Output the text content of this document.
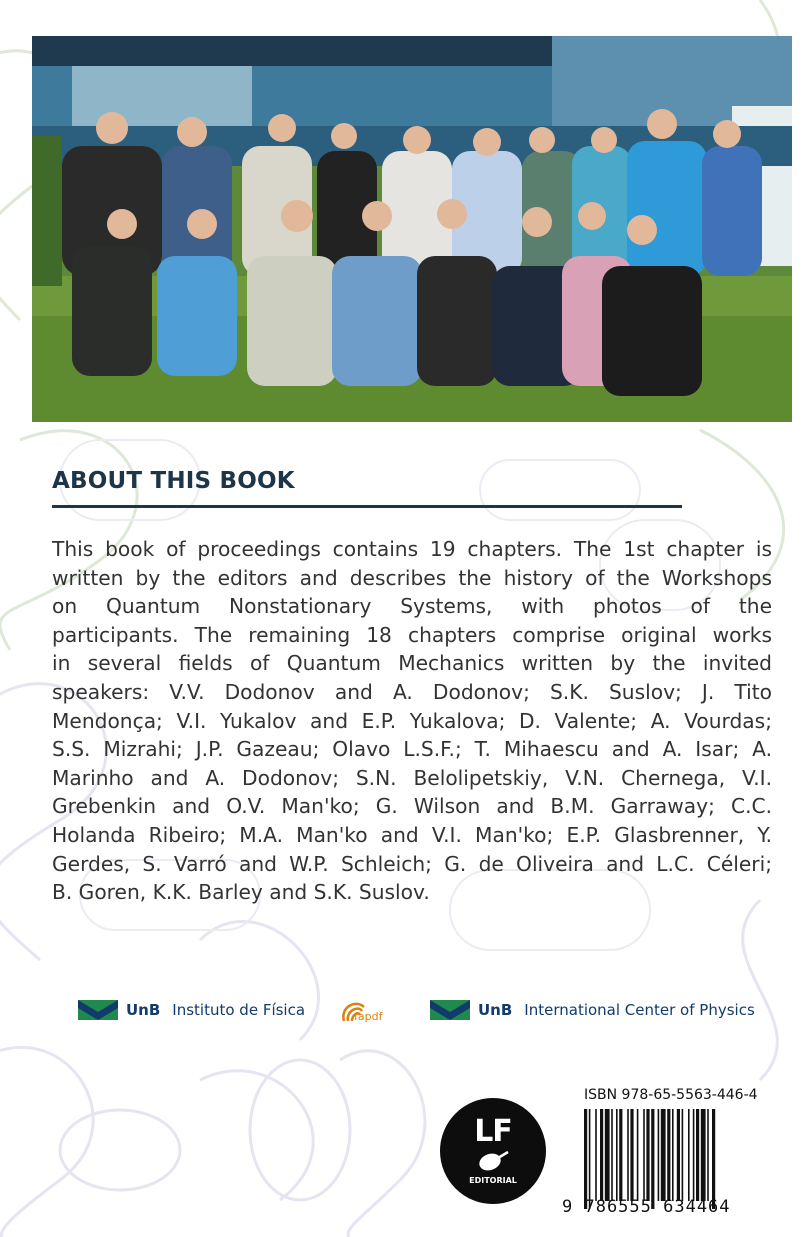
ABOUT THIS BOOK
This book of proceedings contains 19 chapters. The 1st chapter is
written by the editors and describes the history of the Workshops
on Quantum Nonstationary Systems, with photos of the
participants. The remaining 18 chapters comprise original works
in several fields of Quantum Mechanics written by the invited
speakers: V.V. Dodonov and A. Dodonov; S.K. Suslov; J. Tito
Mendonça; V.I. Yukalov and E.P. Yukalova; D. Valente; A. Vourdas;
S.S. Mizrahi; J.P. Gazeau; Olavo L.S.F.; T. Mihaescu and A. Isar; A.
Marinho and A. Dodonov; S.N. Belolipetskiy, V.N. Chernega, V.I.
Grebenkin and O.V. Man'ko; G. Wilson and B.M. Garraway; C.C.
Holanda Ribeiro; M.A. Man'ko and V.I. Man'ko; E.P. Glasbrenner, Y.
Gerdes, S. Varró and W.P. Schleich; G. de Oliveira and L.C. Céleri;
B. Goren, K.K. Barley and S.K. Suslov.
UnB Instituto de Física	fapdf	UnB International Center of Physics
LF
EDITORIAL
ISBN 978-65-5563-446-4
9 786555 634464
